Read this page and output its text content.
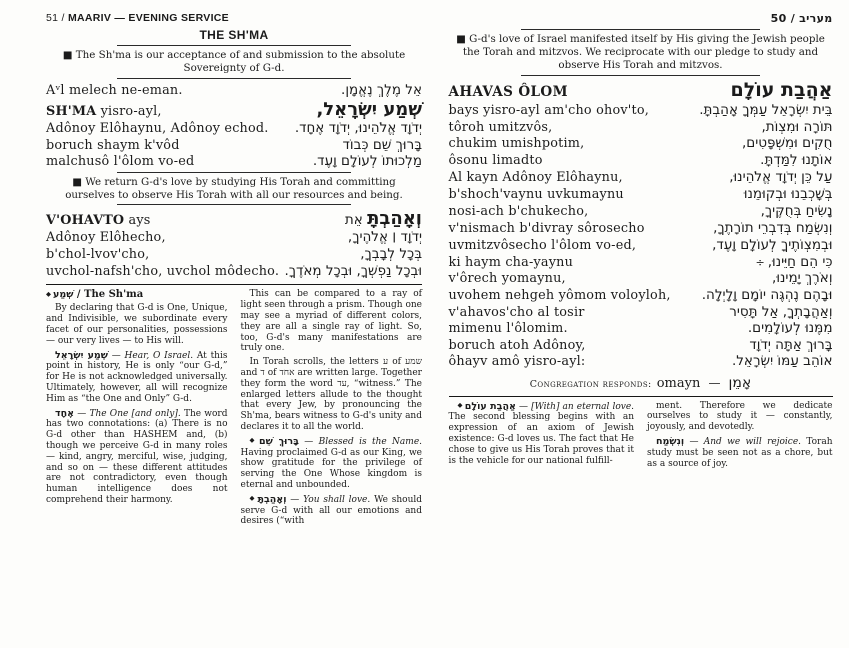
51 / MAARIV — EVENING SERVICE
THE SH'MA
■ The Sh'ma is our acceptance of and submission to the absolute Sovereignty of G-d.
Aᵛl melech ne-eman.	אֵל מֶלֶךְ נֶאֱמָן.
SH'MA yisro-ayl,	שְׁמַע יִשְׂרָאֵל,
Adônoy Elôhaynu, Adônoy echod. יְדֹוָד אֱלֹהֵינוּ, יְדֹוָד אֶחָד.
boruch shaym k'vôd	בָּרוּךְ שֵׁם כְּבוֹד
malchusô l'ôlom vo-ed	מַלְכוּתוֹ לְעוֹלָם וָעֶד.
■ We return G-d's love by studying His Torah and committing ourselves to observe His Torah with all our resources and being.
V'OHAVTO ays	וְאָהַבְתָּ אֵת
Adônoy Elôhecho,	יְדֹוָד ׀ אֱלֹהֶיךָ,
b'chol-lvov'cho,	בְּכָל לְבָבְךָ,
uvchol-nafsh'cho, uvchol môdecho. וּבְכָל נַפְשְׁךָ, וּבְכָל מְאֹדֶךָ.

◆ שְׁמַע / The Sh'ma

By declaring that G-d is One, Unique, and Indivisible, we subordinate every facet of our personalities, possessions — our very lives — to His will.

שְׁמַע יִשְׂרָאֵל — Hear, O Israel. At this point in history, He is only “our G-d,” for He is not acknowledged universally. Ultimately, however, all will recognize Him as “the One and Only” G-d.

אֶחָד — The One [and only]. The word has two connotations: (a) There is no G-d other than HASHEM and, (b) though we perceive G-d in many roles — kind, angry, merciful, wise, judging, and so on — these different attitudes are not contradictory, even though human intelligence does not comprehend their harmony.

This can be compared to a ray of light seen through a prism. Though one may see a myriad of different colors, they are all a single ray of light. So, too, G-d's many manifestations are truly one.

In Torah scrolls, the letters ע of שמע and ד of אחד are written large. Together they form the word עד, “witness.” The enlarged letters allude to the thought that every Jew, by pronouncing the Sh'ma, bears witness to G-d's unity and declares it to all the world.

◆ בָּרוּךְ שֵׁם — Blessed is the Name. Having proclaimed G-d as our King, we show gratitude for the privilege of serving the One Whose kingdom is eternal and unbounded.

◆ וְאָהַבְתָּ — You shall love. We should serve G-d with all our emotions and desires (“with

מעריב / 50
■ G-d's love of Israel manifested itself by His giving the Jewish people the Torah and mitzvos. We reciprocate with our pledge to study and observe His Torah and mitzvos.
AHAVAS ÔLOM	אַהֲבַת עוֹלָם
bays yisro-ayl am'cho ohov'to,	בֵּית יִשְׂרָאֵל עַמְּךָ אָהַבְתָּ.
tôroh umitzvôs,	תּוֹרָה וּמִצְוֹת,
chukim umishpotim,	חֻקִים וּמִשְׁפָּטִים,
ôsonu limadto	אוֹתָנוּ לִמַּדְתָּ.
Al kayn Adônoy Elôhaynu,	עַל כֵּן יְדֹוָד אֱלֹהֵינוּ,
b'shoch'vaynu uvkumaynu	בְּשָׁכְבֵנוּ וּבְקוּמֵנוּ
nosi-ach b'chukecho,	נָשִׂיחַ בְּחֻקֶּיךָ,
v'nismach b'divray sôrosecho	וְנִשְׂמַח בְּדִבְרֵי תוֹרָתֶךָ,
uvmitzvôsecho l'ôlom vo-ed,	וּבְמִצְוֹתֶיךָ לְעוֹלָם וָעֶד,
ki haym cha-yaynu	כִּי הֵם חַיֵּינוּ,÷
v'ôrech yomaynu,	וְאֹרֶךְ יָמֵינוּ,
uvohem nehgeh yômom voloyloh, וּבָהֶם נֶהְגֶּה יוֹמָם וָלָיְלָה.
v'ahavos'cho al tosir	וְאַהֲבָתְךָ, אַל תָּסִיר
mimenu l'ôlomim.	מִמֶּנוּ לְעוֹלָמִים.
boruch atoh Adônoy,	בָּרוּךְ אַתָּה יְדֹוָד
ôhayv amô yisro-ayl:	אוֹהֵב עַמּוֹ יִשְׂרָאֵל.
Congregation responds: omayn — אָמֵן

◆ אַהֲבַת עוֹלָם — [With] an eternal love. The second blessing begins with an expression of an axiom of Jewish existence: G-d loves us. The fact that He chose to give us His Torah proves that it is the vehicle for our national fulfill-

ment. Therefore we dedicate ourselves to study it — constantly, joyously, and devotedly.

וְנִשְׂמַח — And we will rejoice. Torah study must be seen not as a chore, but as a source of joy.
